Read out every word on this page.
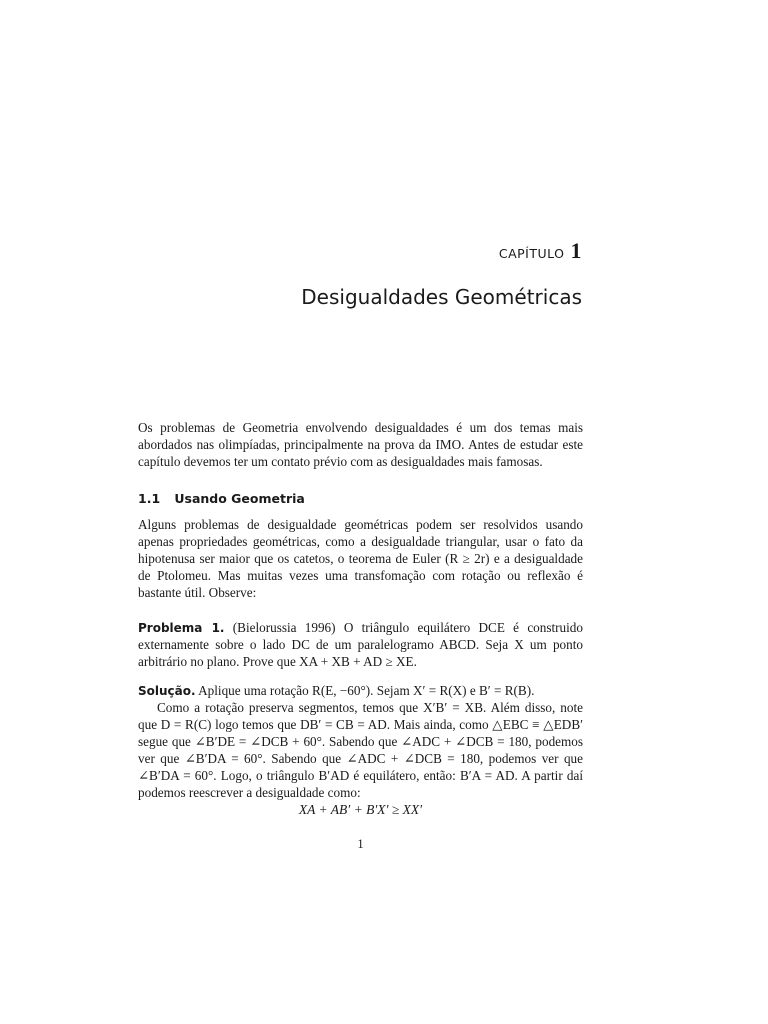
CAPÍTULO 1
Desigualdades Geométricas

Os problemas de Geometria envolvendo desigualdades é um dos temas mais abordados nas olimpíadas, principalmente na prova da IMO. Antes de estudar este capítulo devemos ter um contato prévio com as desigualdades mais famosas.

1.1 Usando Geometria

Alguns problemas de desigualdade geométricas podem ser resolvidos usando apenas propriedades geométricas, como a desigualdade triangular, usar o fato da hipotenusa ser maior que os catetos, o teorema de Euler (R ≥ 2r) e a desigualdade de Ptolomeu. Mas muitas vezes uma transfomação com rotação ou reflexão é bastante útil. Observe:

Problema 1. (Bielorussia 1996) O triângulo equilátero DCE é construido externamente sobre o lado DC de um paralelogramo ABCD. Seja X um ponto arbitrário no plano. Prove que XA + XB + AD ≥ XE.

Solução. Aplique uma rotação R(E, −60°). Sejam X′ = R(X) e B′ = R(B).

Como a rotação preserva segmentos, temos que X′B′ = XB. Além disso, note que D = R(C) logo temos que DB′ = CB = AD. Mais ainda, como △EBC ≡ △EDB′ segue que ∠B′DE = ∠DCB + 60°. Sabendo que ∠ADC + ∠DCB = 180, podemos ver que ∠B′DA = 60°. Sabendo que ∠ADC + ∠DCB = 180, podemos ver que ∠B′DA = 60°. Logo, o triângulo B′AD é equilátero, então: B′A = AD. A partir daí podemos reescrever a desigualdade como:

XA + AB′ + B′X′ ≥ XX′
1
